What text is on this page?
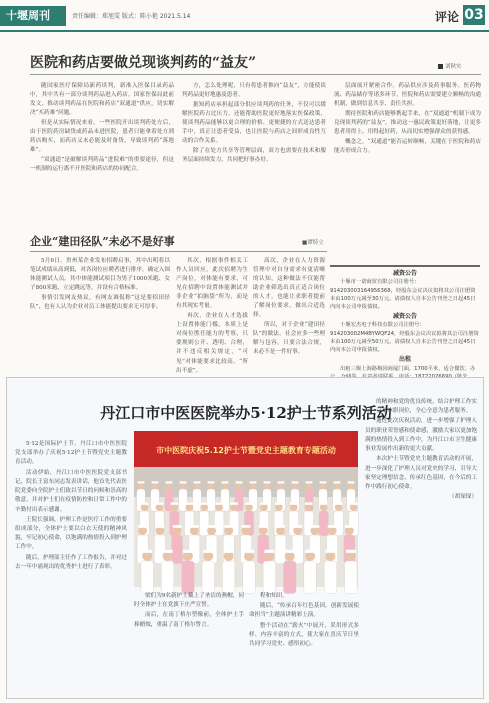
十堰周刊	责任编辑：郑旭雯 版式：陈小艳 2021.5.14	评论 03
医院和药店要做兑现谈判药的“益友”	刘秋实

随国家医疗保障局新药谈判，新准入医保目录药品中，其中共有一部分谈判药品进入药店。国家医保局此前发文，推动谈判药品在医院和药店“双通道”供应，切实解决“买药难”问题。

但是从实际情况来看，一些医院开出谈判药处方后，由于医院药房缺货或药品未进医院，患者只能拿着处方到药店购买，而药店又未必能及时备货，导致谈判药“落地难”。

“双通道”是破解谈判药品“进院难”的重要途径，但这一机制的运行离不开医院和药店的协同配合。

方，怎么处理呢，只有将患者推向“益友”，方能使谈判药品更好地惠及患者。

据知药店承担起部分供应谈判药的任务，不仅可以缓解医院药占比压力，还能帮助医院更好地落实医保政策，使谈判药品能够以更合理的价格、更便捷的方式送达患者手中，真正让患者受益，也让医院与药店之间形成良性互动的合作关系。

除了在处方共享等管理层面，双方也需要在技术和服务层面持续发力，共同把好事办好。

层面展开紧密合作。药品供应涉及药事服务、医药物流、药品储存等诸多环节，医院和药店需要建立顺畅的沟通机制，做到信息共享、责任共担。

期待医院和药店能够携起手来，在“双通道”机制下成为兑现谈判药的“益友”，推动这一惠民政策更好落地，让更多患者用得上、用得起好药，从而切实增强群众的获得感。

概念之，“双通道”能否运转顺畅，关键在于医院和药店能否形成合力。

企业“建田径队”未必不是好事	■谭特立

5月6日，贵州某企业发布招聘启事，其中出明将以笔试成绩从高到低，对各岗位应聘者进行排序，确定入围体能测试人员。其中体能测试项目为男子1000米跑、女子800米跑、立定跳远等，并设有合格标准。

事情引发网友热议，有网友调侃称“这是要招田径队”，也有人认为企业对员工体能提出要求无可厚非。

其次，根据事件相关工作人员回应，此次招聘为生产岗位，对体能有要求，可见在招聘中设置体能测试并非企业“拍脑袋”所为，而是有其现实考量。

再次，企业在人才选拔上设置体能门槛，本质上是对岗位胜任能力的考察，只要规则公开、透明、合理，并不违反相关规定，“可见”对体能要求比较高，“所出不虚”。

高次，企业在人力资源管理中对自身需求有更清晰的认知，这种做法不仅能帮助企业筛选出真正适合岗位的人才，也能让求职者提前了解岗位要求，做出合适选择。

所以，对于企业“建田径队”的做法，社会应多一些理解与包容，只要合法合规，未必不是一件好事。

减资公告

十堰市一诺商贸有限公司注册号：914203003164956368，经股东会议决议拟将其公司注册资本由100万元减至30万元。请债权人自本公告刊登之日起45日内向本公司申报债权。

减资公告

十堰宏杰电子科技有限公司注册号：914203002M4BYWQF24，经股东会议决议拟将其公司注册资本由100万元减至50万元。请债权人自本公告刊登之日起45日内向本公司申报债权。

出租

出租三堰上海路梅园商厦门面，1700平米，适合餐饮、办

丹江口市中医医院举办5·12护士节系列活动
市中医院庆祝5.12护士节暨党史主题教育专题活动

5·12是国际护士节。丹江口市中医医院党支部举办了庆祝5·12护士节暨党史主题教育活动。

活动伊始，丹江口市中医医院党支部书记、院长王富东同志发表讲话，他首先代表医院党委向全院护士们致以节日的问候和崇高的敬意，并对护士们在疫情防控和日常工作中的辛勤付出表示感谢。

王院长强调，护理工作是医疗工作的重要组成部分，全体护士要以白衣天使的精神风貌，牢记初心使命，以饱满的热情投入到护理工作中。

随后，护理部主任作了工作报告，并对过去一年中涌现出的优秀护士进行了表彰。

梁们为9名新护士戴上了圣洁的燕帽，同时全体护士在党旗下庄严宣誓。

而后，在南丁格尔塑像前，全体护士手捧蜡烛，重温了南丁格尔誓言。

程和知识。

随后，“传承百年红色基因，创新发展使命担当”主题演讲精彩上演。

整个活动在“薪火”中展开，采用形式多样、内容丰富的方式，使大家在喜庆节日里共同学习党史、感悟初心。

的精神和党的优良传统，结合护理工作实际，立足本职岗位，全心全意为患者服务。

通过此次庆祝活动，进一步增强了护理人员的职业荣誉感和使命感，激励大家以更加饱满的热情投入到工作中，为丹江口市卫生健康事业发展作出新的更大贡献。

本次护士节暨党史主题教育活动的开展，进一步深化了护理人员对党史的学习，引导大家坚定理想信念，传承红色基因，在今后的工作中践行初心使命。

（胡琛琛）
